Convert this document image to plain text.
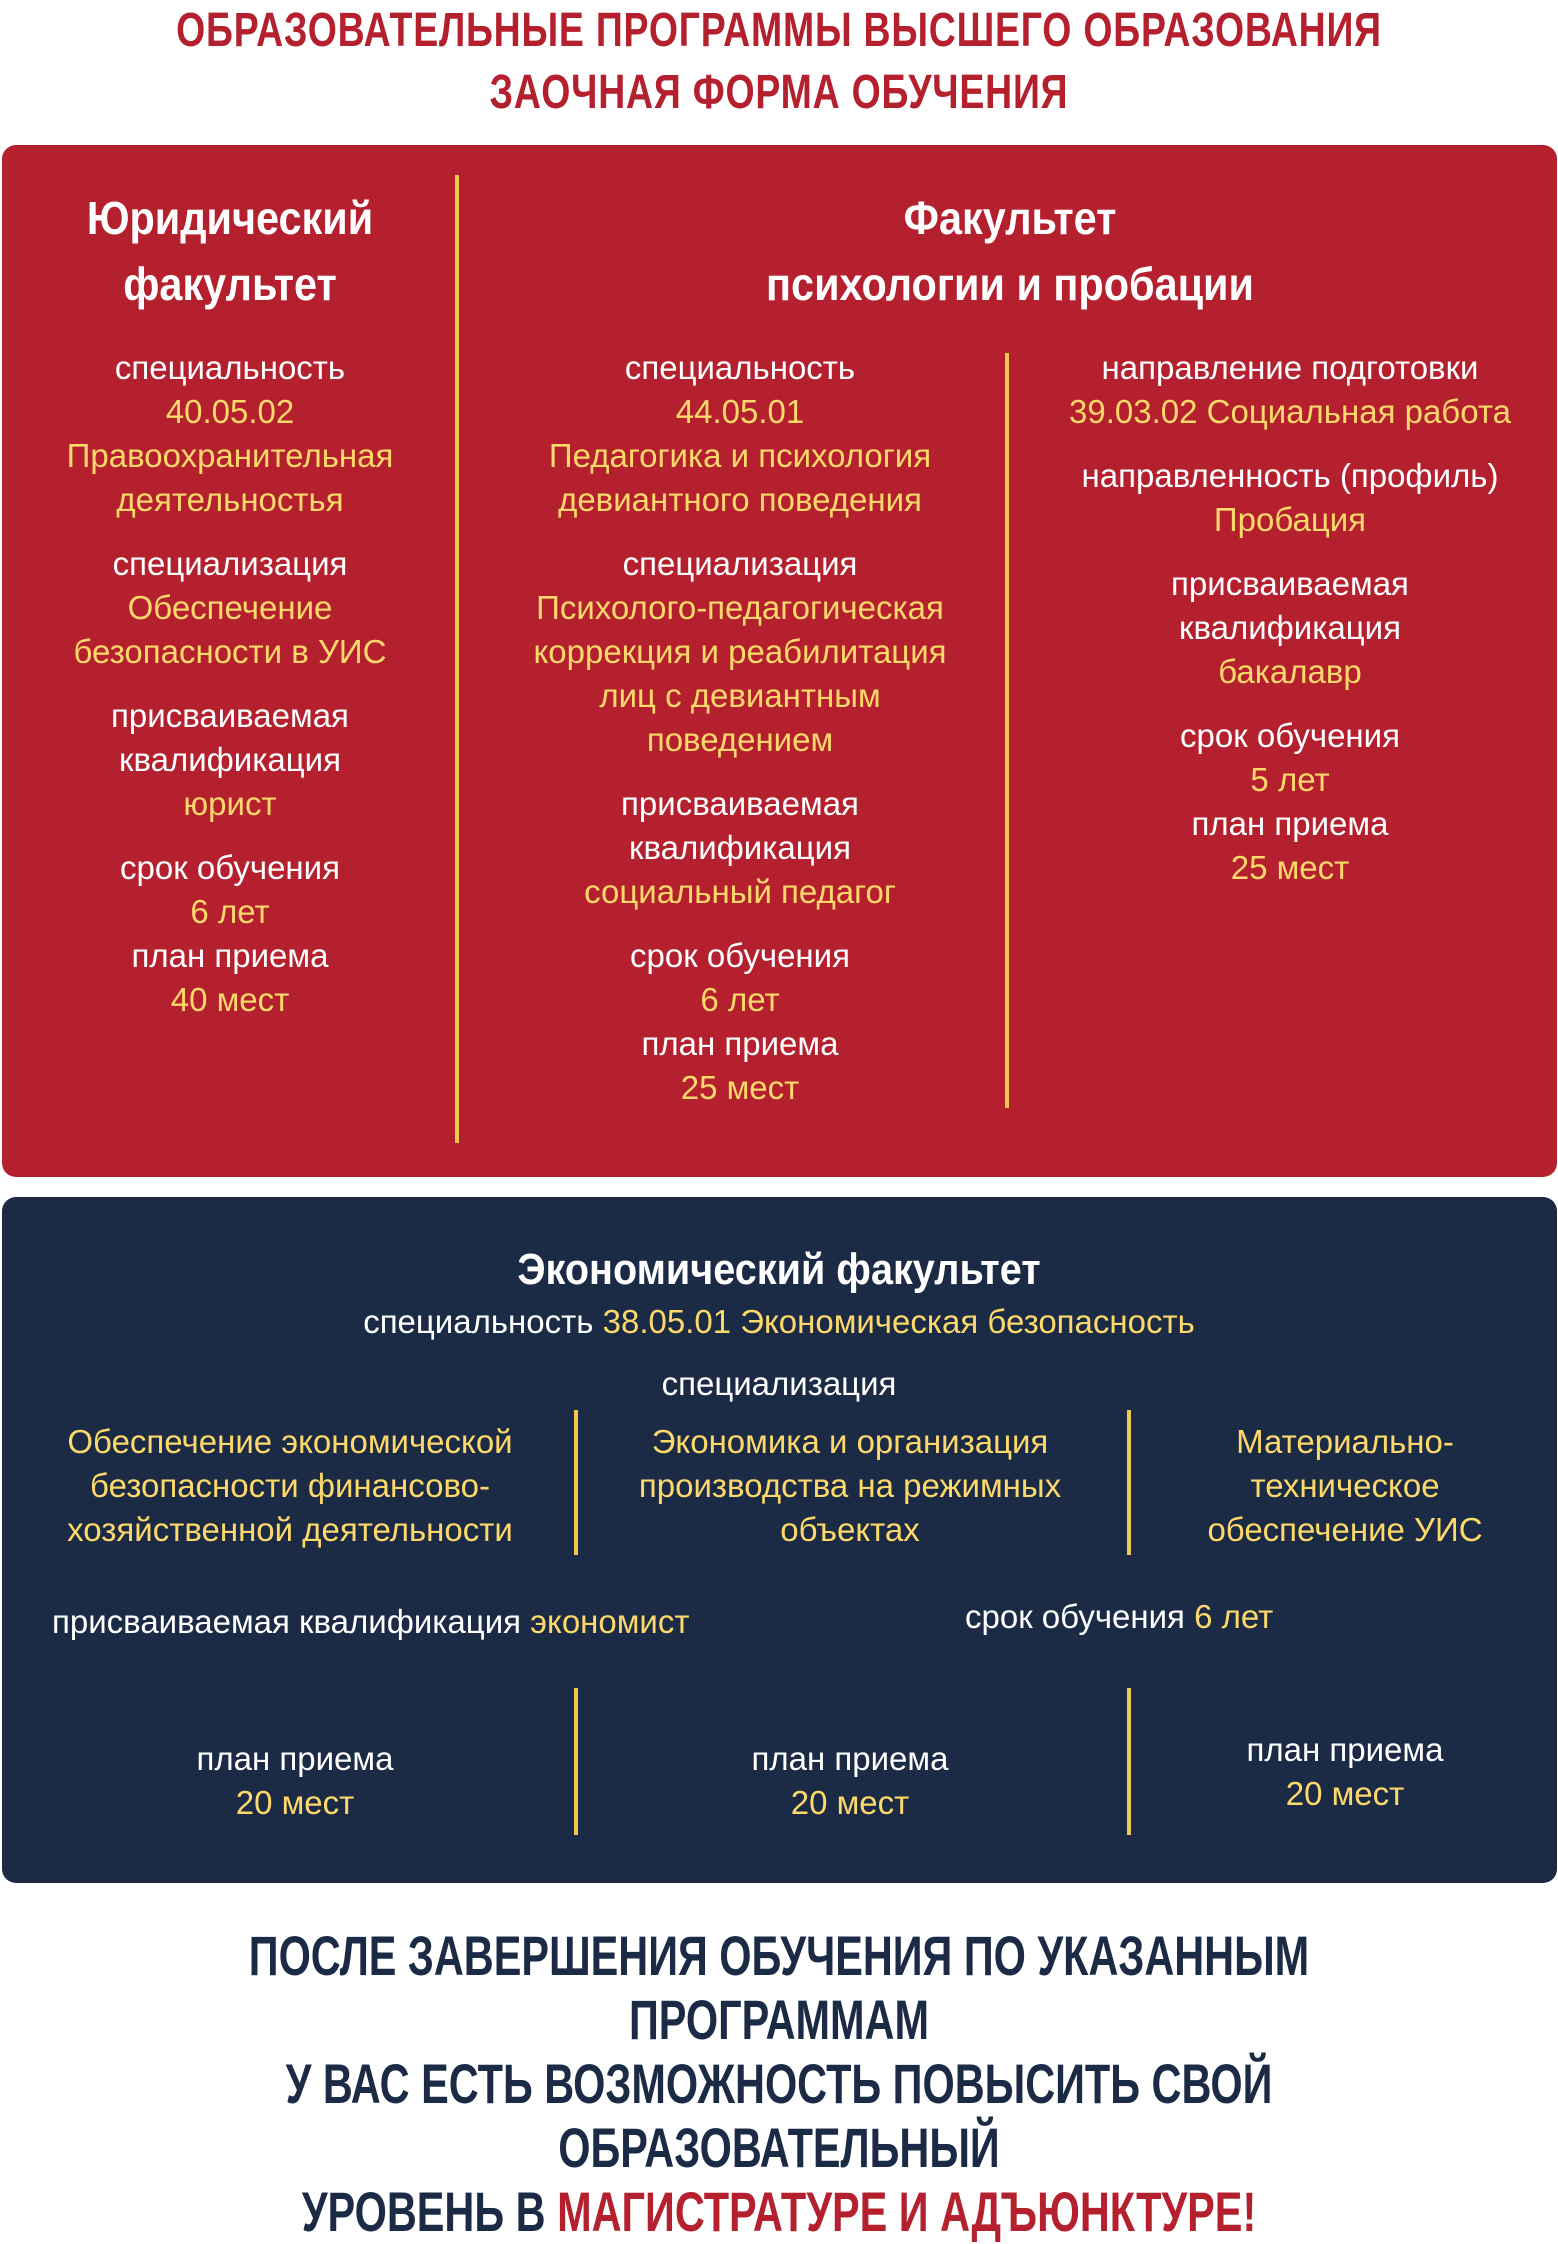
ОБРАЗОВАТЕЛЬНЫЕ ПРОГРАММЫ ВЫСШЕГО ОБРАЗОВАНИЯ
ЗАОЧНАЯ ФОРМА ОБУЧЕНИЯ
Юридический
факультет
специальность
40.05.02
Правоохранительная
деятельностья
специализация
Обеспечение
безопасности в УИС
присваиваемая
квалификация
юрист
срок обучения
6 лет
план приема
40 мест
Факультет
психологии и пробации
специальность
44.05.01
Педагогика и психология
девиантного поведения
специализация
Психолого-педагогическая
коррекция и реабилитация
лиц с девиантным
поведением
присваиваемая
квалификация
социальный педагог
срок обучения
6 лет
план приема
25 мест
направление подготовки
39.03.02 Социальная работа
направленность (профиль)
Пробация
присваиваемая
квалификация
бакалавр
срок обучения
5 лет
план приема
25 мест
Экономический факультет
специальность 38.05.01 Экономическая безопасность
специализация
Обеспечение экономической
безопасности финансово-
хозяйственной деятельности
Экономика и организация
производства на режимных
объектах
Материально-
техническое
обеспечение УИС
присваиваемая квалификация экономист	срок обучения 6 лет
план приема
20 мест
план приема
20 мест
план приема
20 мест
ПОСЛЕ ЗАВЕРШЕНИЯ ОБУЧЕНИЯ ПО УКАЗАННЫМ ПРОГРАММАМ
У ВАС ЕСТЬ ВОЗМОЖНОСТЬ ПОВЫСИТЬ СВОЙ ОБРАЗОВАТЕЛЬНЫЙ
УРОВЕНЬ В МАГИСТРАТУРЕ И АДЪЮНКТУРЕ!
